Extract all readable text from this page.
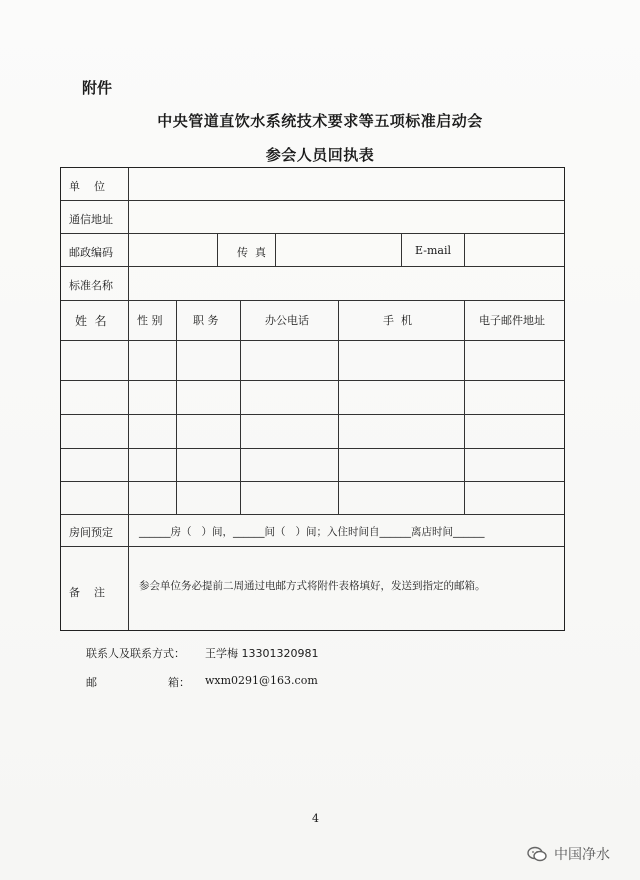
附件
中央管道直饮水系统技术要求等五项标准启动会
参会人员回执表
单    位
通信地址
邮政编码	传  真	E-mail
标准名称
姓  名	性 别	职 务	办公电话	手  机	电子邮件地址
房间预定 ______房（   ）间，______间（   ）间；入住时间自______离店时间______
备    注	参会单位务必提前二周通过电邮方式将附件表格填好，发送到指定的邮箱。
联系人及联系方式： 王学梅 13301320981
邮	箱： wxm0291@163.com
4
中国净水
